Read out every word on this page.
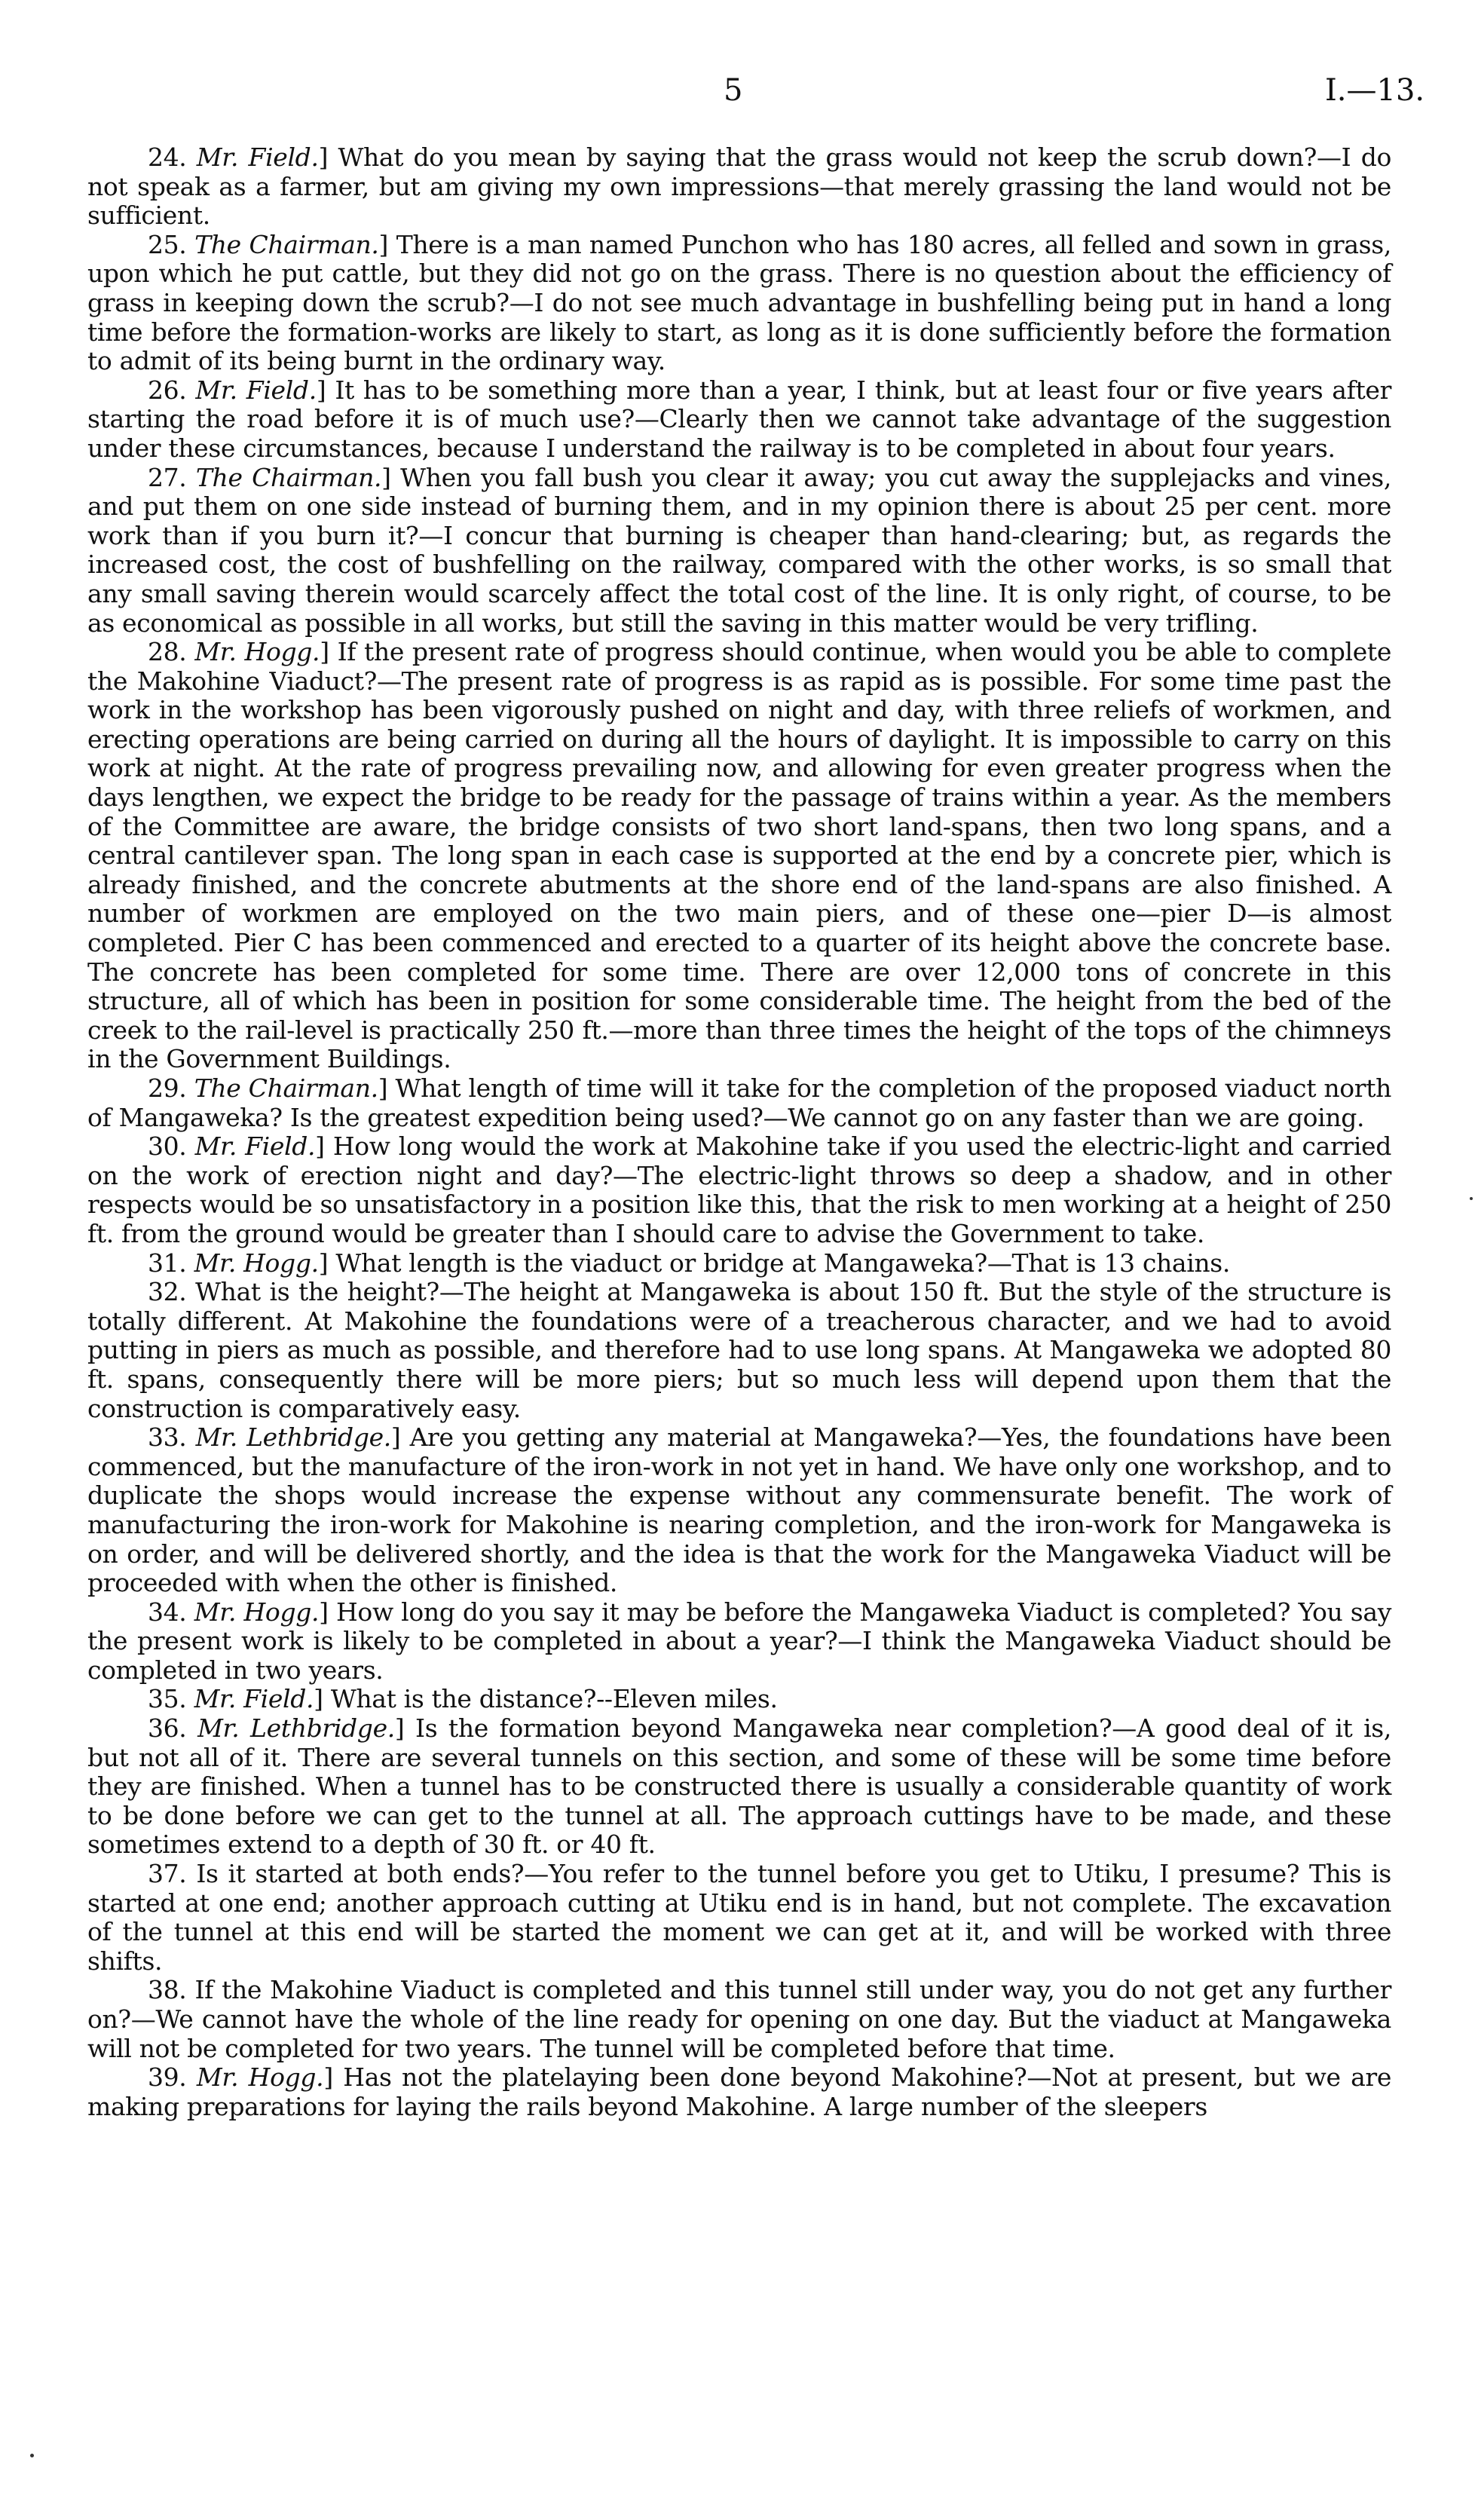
5	I.—13.

24. Mr. Field.] What do you mean by saying that the grass would not keep the scrub down?—I do not speak as a farmer, but am giving my own impressions—that merely grassing the land would not be sufficient.

25. The Chairman.] There is a man named Punchon who has 180 acres, all felled and sown in grass, upon which he put cattle, but they did not go on the grass. There is no question about the efficiency of grass in keeping down the scrub?—I do not see much advantage in bushfelling being put in hand a long time before the formation-works are likely to start, as long as it is done sufficiently before the formation to admit of its being burnt in the ordinary way.

26. Mr. Field.] It has to be something more than a year, I think, but at least four or five years after starting the road before it is of much use?—Clearly then we cannot take advantage of the suggestion under these circumstances, because I understand the railway is to be completed in about four years.

27. The Chairman.] When you fall bush you clear it away; you cut away the supplejacks and vines, and put them on one side instead of burning them, and in my opinion there is about 25 per cent. more work than if you burn it?—I concur that burning is cheaper than hand-clearing; but, as regards the increased cost, the cost of bushfelling on the railway, compared with the other works, is so small that any small saving therein would scarcely affect the total cost of the line. It is only right, of course, to be as economical as possible in all works, but still the saving in this matter would be very trifling.

28. Mr. Hogg.] If the present rate of progress should continue, when would you be able to complete the Makohine Viaduct?—The present rate of progress is as rapid as is possible. For some time past the work in the workshop has been vigorously pushed on night and day, with three reliefs of workmen, and erecting operations are being carried on during all the hours of daylight. It is impossible to carry on this work at night. At the rate of progress prevailing now, and allowing for even greater progress when the days lengthen, we expect the bridge to be ready for the passage of trains within a year. As the members of the Committee are aware, the bridge consists of two short land-spans, then two long spans, and a central cantilever span. The long span in each case is supported at the end by a concrete pier, which is already finished, and the concrete abutments at the shore end of the land-spans are also finished. A number of workmen are employed on the two main piers, and of these one—pier D—is almost completed. Pier C has been commenced and erected to a quarter of its height above the concrete base. The concrete has been completed for some time. There are over 12,000 tons of concrete in this structure, all of which has been in position for some considerable time. The height from the bed of the creek to the rail-level is practically 250 ft.—more than three times the height of the tops of the chimneys in the Government Buildings.

29. The Chairman.] What length of time will it take for the completion of the proposed viaduct north of Mangaweka? Is the greatest expedition being used?—We cannot go on any faster than we are going.

30. Mr. Field.] How long would the work at Makohine take if you used the electric-light and carried on the work of erection night and day?—The electric-light throws so deep a shadow, and in other respects would be so unsatisfactory in a position like this, that the risk to men working at a height of 250 ft. from the ground would be greater than I should care to advise the Government to take.

31. Mr. Hogg.] What length is the viaduct or bridge at Mangaweka?—That is 13 chains.

32. What is the height?—The height at Mangaweka is about 150 ft. But the style of the structure is totally different. At Makohine the foundations were of a treacherous character, and we had to avoid putting in piers as much as possible, and therefore had to use long spans. At Mangaweka we adopted 80 ft. spans, consequently there will be more piers; but so much less will depend upon them that the construction is comparatively easy.

33. Mr. Lethbridge.] Are you getting any material at Mangaweka?—Yes, the foundations have been commenced, but the manufacture of the iron-work in not yet in hand. We have only one workshop, and to duplicate the shops would increase the expense without any commensurate benefit. The work of manufacturing the iron-work for Makohine is nearing completion, and the iron-work for Mangaweka is on order, and will be delivered shortly, and the idea is that the work for the Mangaweka Viaduct will be proceeded with when the other is finished.

34. Mr. Hogg.] How long do you say it may be before the Mangaweka Viaduct is completed? You say the present work is likely to be completed in about a year?—I think the Mangaweka Viaduct should be completed in two years.

35. Mr. Field.] What is the distance?--Eleven miles.

36. Mr. Lethbridge.] Is the formation beyond Mangaweka near completion?—A good deal of it is, but not all of it. There are several tunnels on this section, and some of these will be some time before they are finished. When a tunnel has to be constructed there is usually a considerable quantity of work to be done before we can get to the tunnel at all. The approach cuttings have to be made, and these sometimes extend to a depth of 30 ft. or 40 ft.

37. Is it started at both ends?—You refer to the tunnel before you get to Utiku, I presume? This is started at one end; another approach cutting at Utiku end is in hand, but not complete. The excavation of the tunnel at this end will be started the moment we can get at it, and will be worked with three shifts.

38. If the Makohine Viaduct is completed and this tunnel still under way, you do not get any further on?—We cannot have the whole of the line ready for opening on one day. But the viaduct at Mangaweka will not be completed for two years. The tunnel will be completed before that time.

39. Mr. Hogg.] Has not the platelaying been done beyond Makohine?—Not at present, but we are making preparations for laying the rails beyond Makohine. A large number of the sleepers
